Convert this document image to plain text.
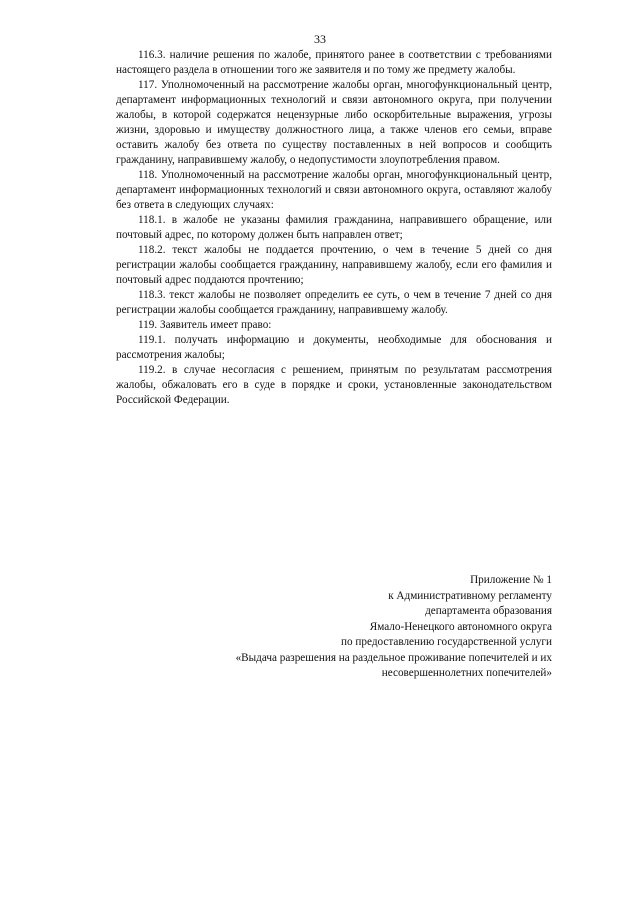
33

116.3. наличие решения по жалобе, принятого ранее в соответствии с требованиями настоящего раздела в отношении того же заявителя и по тому же предмету жалобы.

117. Уполномоченный на рассмотрение жалобы орган, многофункциональный центр, департамент информационных технологий и связи автономного округа, при получении жалобы, в которой содержатся нецензурные либо оскорбительные выражения, угрозы жизни, здоровью и имуществу должностного лица, а также членов его семьи, вправе оставить жалобу без ответа по существу поставленных в ней вопросов и сообщить гражданину, направившему жалобу, о недопустимости злоупотребления правом.

118. Уполномоченный на рассмотрение жалобы орган, многофункциональный центр, департамент информационных технологий и связи автономного округа, оставляют жалобу без ответа в следующих случаях:

118.1. в жалобе не указаны фамилия гражданина, направившего обращение, или почтовый адрес, по которому должен быть направлен ответ;

118.2. текст жалобы не поддается прочтению, о чем в течение 5 дней со дня регистрации жалобы сообщается гражданину, направившему жалобу, если его фамилия и почтовый адрес поддаются прочтению;

118.3. текст жалобы не позволяет определить ее суть, о чем в течение 7 дней со дня регистрации жалобы сообщается гражданину, направившему жалобу.

119. Заявитель имеет право:

119.1. получать информацию и документы, необходимые для обоснования и рассмотрения жалобы;

119.2. в случае несогласия с решением, принятым по результатам рассмотрения жалобы, обжаловать его в суде в порядке и сроки, установленные законодательством Российской Федерации.

Приложение № 1
к Административному регламенту
департамента образования
Ямало-Ненецкого автономного округа
по предоставлению государственной услуги
«Выдача разрешения на раздельное проживание попечителей и их
несовершеннолетних попечителей»
